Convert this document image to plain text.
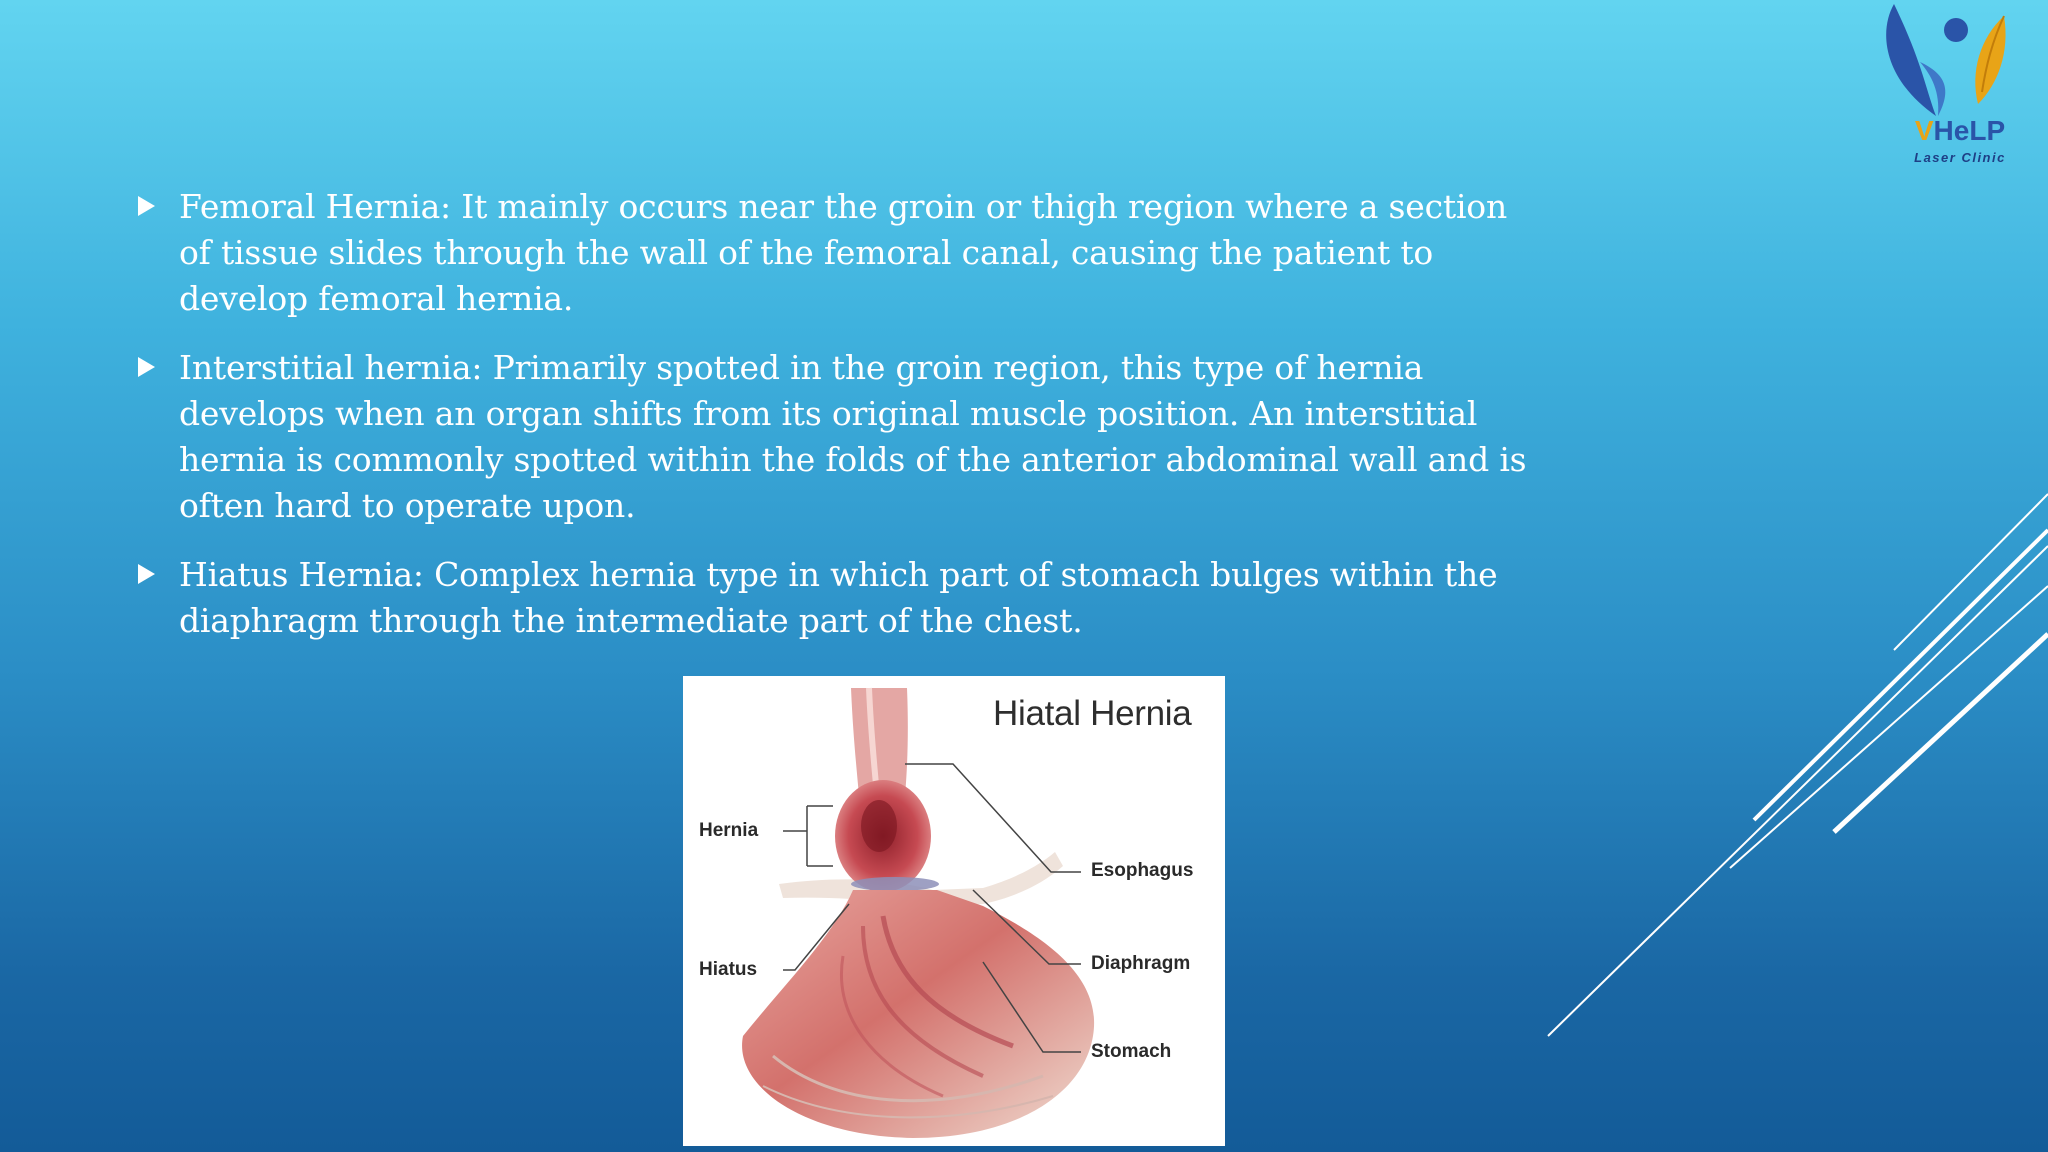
VHeLP
Laser Clinic
Femoral Hernia: It mainly occurs near the groin or thigh region where a section of tissue slides through the wall of the femoral canal, causing the patient to develop femoral hernia.
Interstitial hernia: Primarily spotted in the groin region, this type of hernia develops when an organ shifts from its original muscle position. An interstitial hernia is commonly spotted within the folds of the anterior abdominal wall and is often hard to operate upon.
Hiatus Hernia: Complex hernia type in which part of stomach bulges within the diaphragm through the intermediate part of the chest.
Hiatal Hernia
Hernia
Hiatus
Esophagus
Diaphragm
Stomach
